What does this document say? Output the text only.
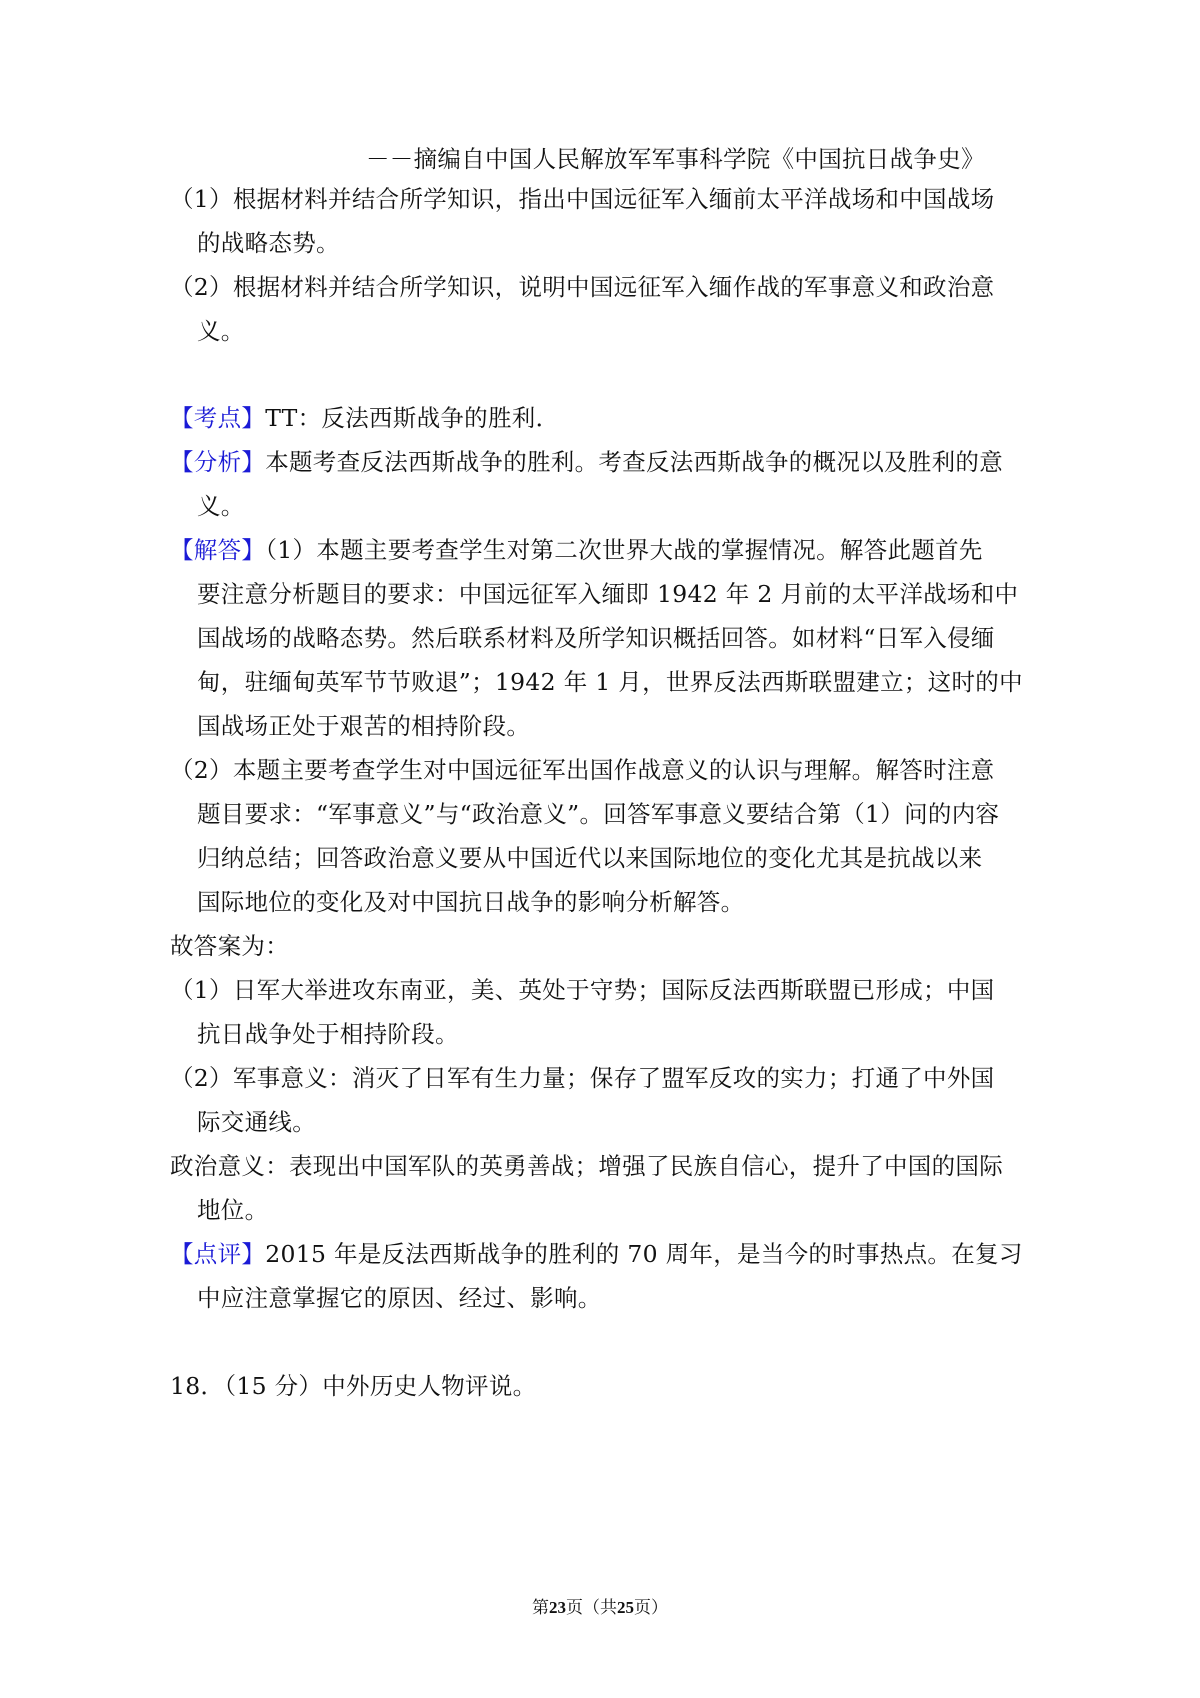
－－摘编自中国人民解放军军事科学院《中国抗日战争史》
（1）根据材料并结合所学知识，指出中国远征军入缅前太平洋战场和中国战场
的战略态势。
（2）根据材料并结合所学知识，说明中国远征军入缅作战的军事意义和政治意
义。
【考点】TT：反法西斯战争的胜利．
【分析】本题考查反法西斯战争的胜利。考查反法西斯战争的概况以及胜利的意
义。
【解答】（1）本题主要考查学生对第二次世界大战的掌握情况。解答此题首先
要注意分析题目的要求：中国远征军入缅即 1942 年 2 月前的太平洋战场和中
国战场的战略态势。然后联系材料及所学知识概括回答。如材料“日军入侵缅
甸，驻缅甸英军节节败退”；1942 年 1 月，世界反法西斯联盟建立；这时的中
国战场正处于艰苦的相持阶段。
（2）本题主要考查学生对中国远征军出国作战意义的认识与理解。解答时注意
题目要求：“军事意义”与“政治意义”。回答军事意义要结合第（1）问的内容
归纳总结；回答政治意义要从中国近代以来国际地位的变化尤其是抗战以来
国际地位的变化及对中国抗日战争的影响分析解答。
故答案为：
（1）日军大举进攻东南亚，美、英处于守势；国际反法西斯联盟已形成；中国
抗日战争处于相持阶段。
（2）军事意义：消灭了日军有生力量；保存了盟军反攻的实力；打通了中外国
际交通线。
政治意义：表现出中国军队的英勇善战；增强了民族自信心，提升了中国的国际
地位。
【点评】2015 年是反法西斯战争的胜利的 70 周年，是当今的时事热点。在复习
中应注意掌握它的原因、经过、影响。
18．（15 分）中外历史人物评说。
第23页（共25页）
